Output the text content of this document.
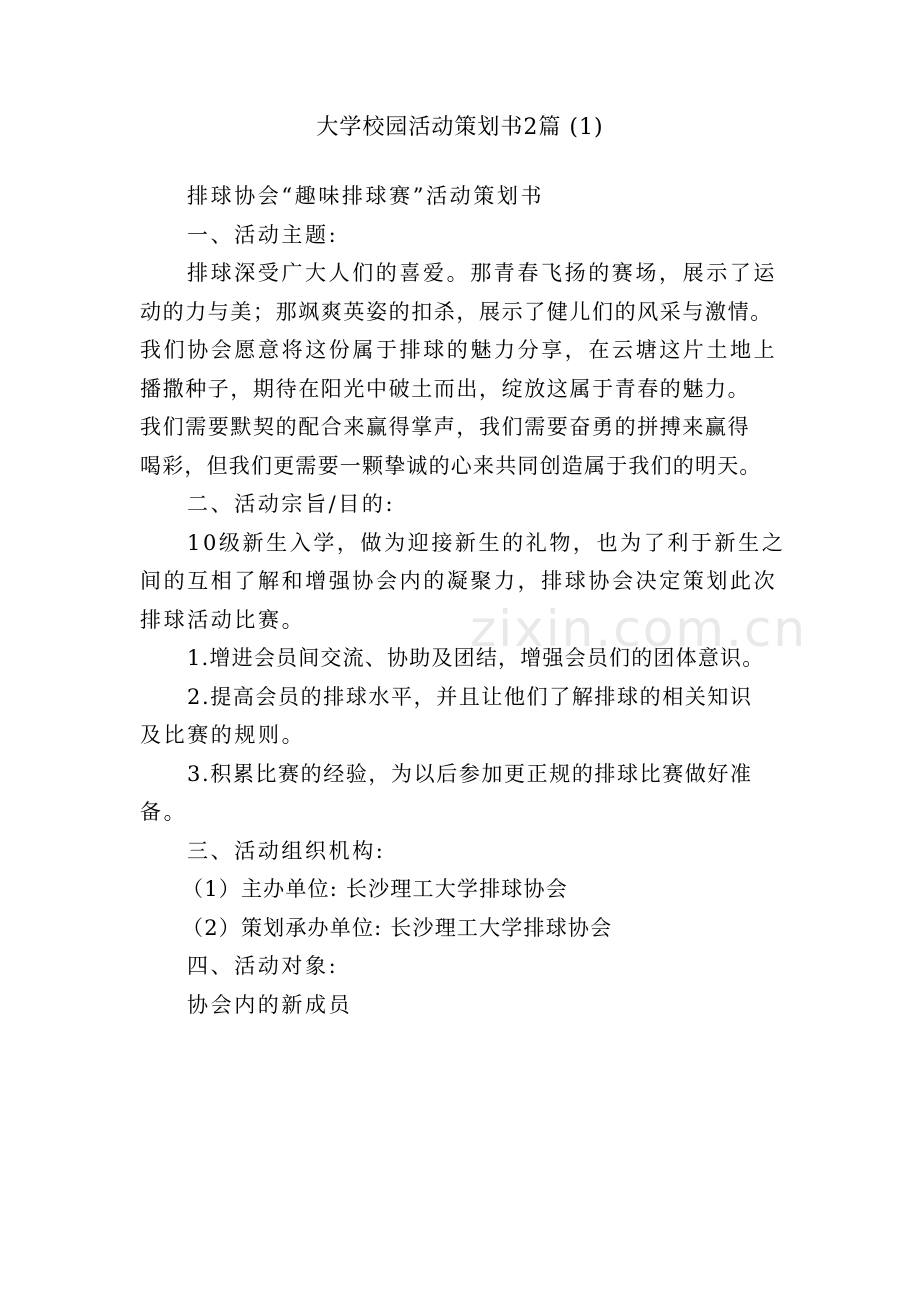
zixin.com.cn
大学校园活动策划书2篇 (1)
排球协会“趣味排球赛”活动策划书
一、活动主题:
排球深受广大人们的喜爱。那青春飞扬的赛场，展示了运
动的力与美；那飒爽英姿的扣杀，展示了健儿们的风采与激情。
我们协会愿意将这份属于排球的魅力分享，在云塘这片土地上
播撒种子，期待在阳光中破土而出，绽放这属于青春的魅力。
我们需要默契的配合来赢得掌声，我们需要奋勇的拼搏来赢得
喝彩，但我们更需要一颗挚诚的心来共同创造属于我们的明天。
二、活动宗旨/目的:
10级新生入学，做为迎接新生的礼物，也为了利于新生之
间的互相了解和增强协会内的凝聚力，排球协会决定策划此次
排球活动比赛。
1.增进会员间交流、协助及团结，增强会员们的团体意识。
2.提高会员的排球水平，并且让他们了解排球的相关知识
及比赛的规则。
3.积累比赛的经验，为以后参加更正规的排球比赛做好准
备。
三、活动组织机构:
（1）主办单位: 长沙理工大学排球协会
（2）策划承办单位: 长沙理工大学排球协会
四、活动对象:
协会内的新成员
